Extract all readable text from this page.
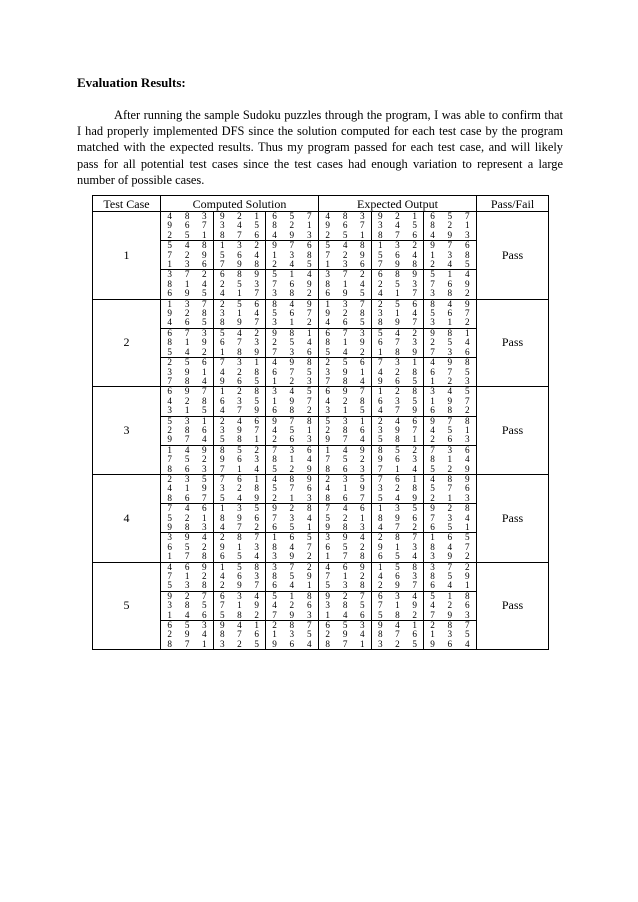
Evaluation Results:
After running the sample Sudoku puzzles through the program, I was able to confirm that I had properly implemented DFS since the solution computed for each test case by the program matched with the expected results. Thus my program passed for each test case, and will likely pass for all potential test cases since the test cases had enough variation to represent a large number of possible cases.
Test Case	Computed Solution	Expected Output	Pass/Fail
1	
4	8	3	9	2	1	6	5	7
9	6	7	3	4	5	8	2	1
2	5	1	8	7	6	4	9	3
5	4	8	1	3	2	9	7	6
7	2	9	5	6	4	1	3	8
1	3	6	7	9	8	2	4	5
3	7	2	6	8	9	5	1	4
8	1	4	2	5	3	7	6	9
6	9	5	4	1	7	3	8	2

4	8	3	9	2	1	6	5	7
9	6	7	3	4	5	8	2	1
2	5	1	8	7	6	4	9	3
5	4	8	1	3	2	9	7	6
7	2	9	5	6	4	1	3	8
1	3	6	7	9	8	2	4	5
3	7	2	6	8	9	5	1	4
8	1	4	2	5	3	7	6	9
6	9	5	4	1	7	3	8	2
	Pass
2	
1	3	7	2	5	6	8	4	9
9	2	8	3	1	4	5	6	7
4	6	5	8	9	7	3	1	2
6	7	3	5	4	2	9	8	1
8	1	9	6	7	3	2	5	4
5	4	2	1	8	9	7	3	6
2	5	6	7	3	1	4	9	8
3	9	1	4	2	8	6	7	5
7	8	4	9	6	5	1	2	3

1	3	7	2	5	6	8	4	9
9	2	8	3	1	4	5	6	7
4	6	5	8	9	7	3	1	2
6	7	3	5	4	2	9	8	1
8	1	9	6	7	3	2	5	4
5	4	2	1	8	9	7	3	6
2	5	6	7	3	1	4	9	8
3	9	1	4	2	8	6	7	5
7	8	4	9	6	5	1	2	3
	Pass
3	
6	9	7	1	2	8	3	4	5
4	2	8	6	3	5	1	9	7
3	1	5	4	7	9	6	8	2
5	3	1	2	4	6	9	7	8
2	8	6	3	9	7	4	5	1
9	7	4	5	8	1	2	6	3
1	4	9	8	5	2	7	3	6
7	5	2	9	6	3	8	1	4
8	6	3	7	1	4	5	2	9

6	9	7	1	2	8	3	4	5
4	2	8	6	3	5	1	9	7
3	1	5	4	7	9	6	8	2
5	3	1	2	4	6	9	7	8
2	8	6	3	9	7	4	5	1
9	7	4	5	8	1	2	6	3
1	4	9	8	5	2	7	3	6
7	5	2	9	6	3	8	1	4
8	6	3	7	1	4	5	2	9
	Pass
4	
2	3	5	7	6	1	4	8	9
4	1	9	3	2	8	5	7	6
8	6	7	5	4	9	2	1	3
7	4	6	1	3	5	9	2	8
5	2	1	8	9	6	7	3	4
9	8	3	4	7	2	6	5	1
3	9	4	2	8	7	1	6	5
6	5	2	9	1	3	8	4	7
1	7	8	6	5	4	3	9	2

2	3	5	7	6	1	4	8	9
4	1	9	3	2	8	5	7	6
8	6	7	5	4	9	2	1	3
7	4	6	1	3	5	9	2	8
5	2	1	8	9	6	7	3	4
9	8	3	4	7	2	6	5	1
3	9	4	2	8	7	1	6	5
6	5	2	9	1	3	8	4	7
1	7	8	6	5	4	3	9	2
	Pass
5	
4	6	9	1	5	8	3	7	2
7	1	2	4	6	3	8	5	9
5	3	8	2	9	7	6	4	1
9	2	7	6	3	4	5	1	8
3	8	5	7	1	9	4	2	6
1	4	6	5	8	2	7	9	3
6	5	3	9	4	1	2	8	7
2	9	4	8	7	6	1	3	5
8	7	1	3	2	5	9	6	4

4	6	9	1	5	8	3	7	2
7	1	2	4	6	3	8	5	9
5	3	8	2	9	7	6	4	1
9	2	7	6	3	4	5	1	8
3	8	5	7	1	9	4	2	6
1	4	6	5	8	2	7	9	3
6	5	3	9	4	1	2	8	7
2	9	4	8	7	6	1	3	5
8	7	1	3	2	5	9	6	4
	Pass
